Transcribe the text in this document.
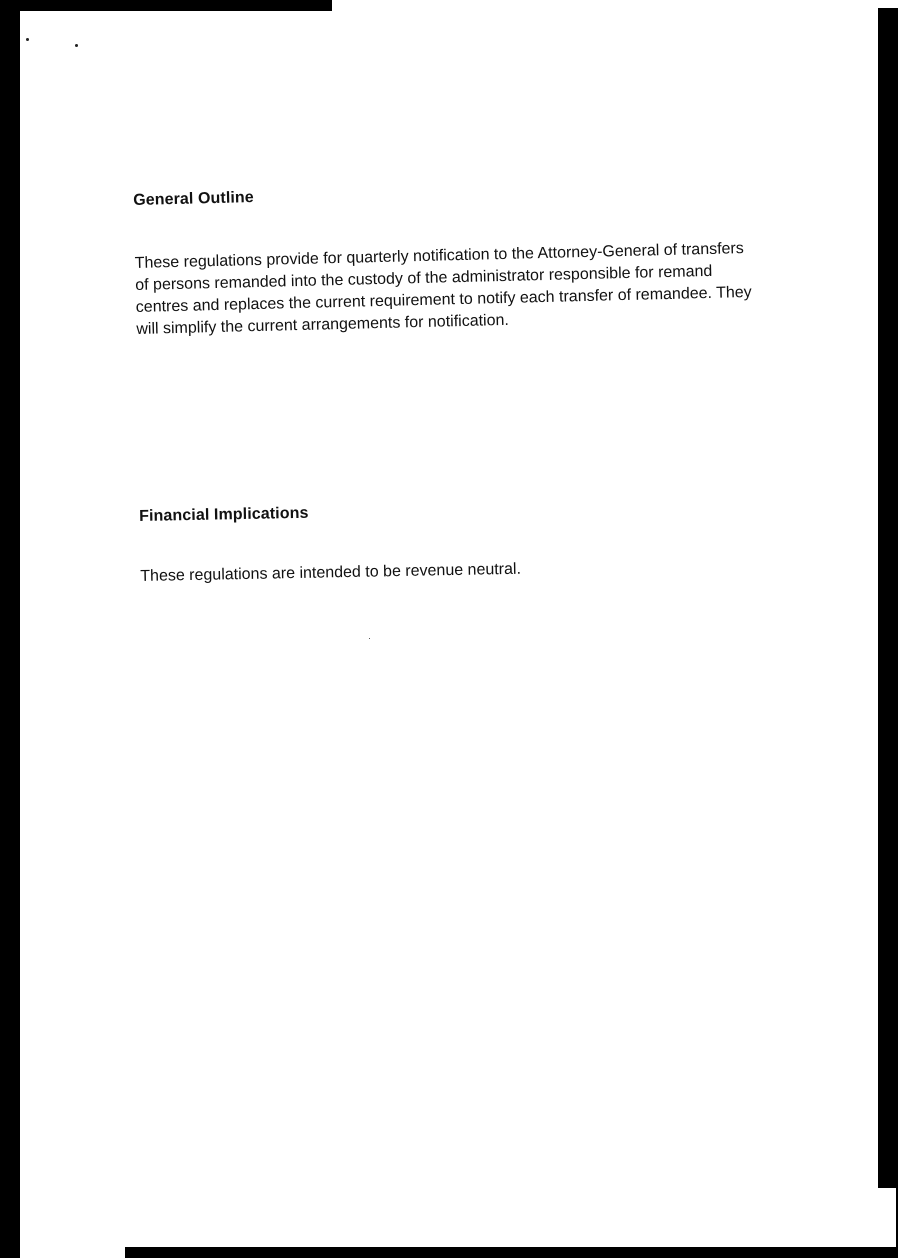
General Outline

These regulations provide for quarterly notification to the Attorney-General of transfers of persons remanded into the custody of the administrator responsible for remand centres and replaces the current requirement to notify each transfer of remandee. They will simplify the current arrangements for notification.

Financial Implications

These regulations are intended to be revenue neutral.
